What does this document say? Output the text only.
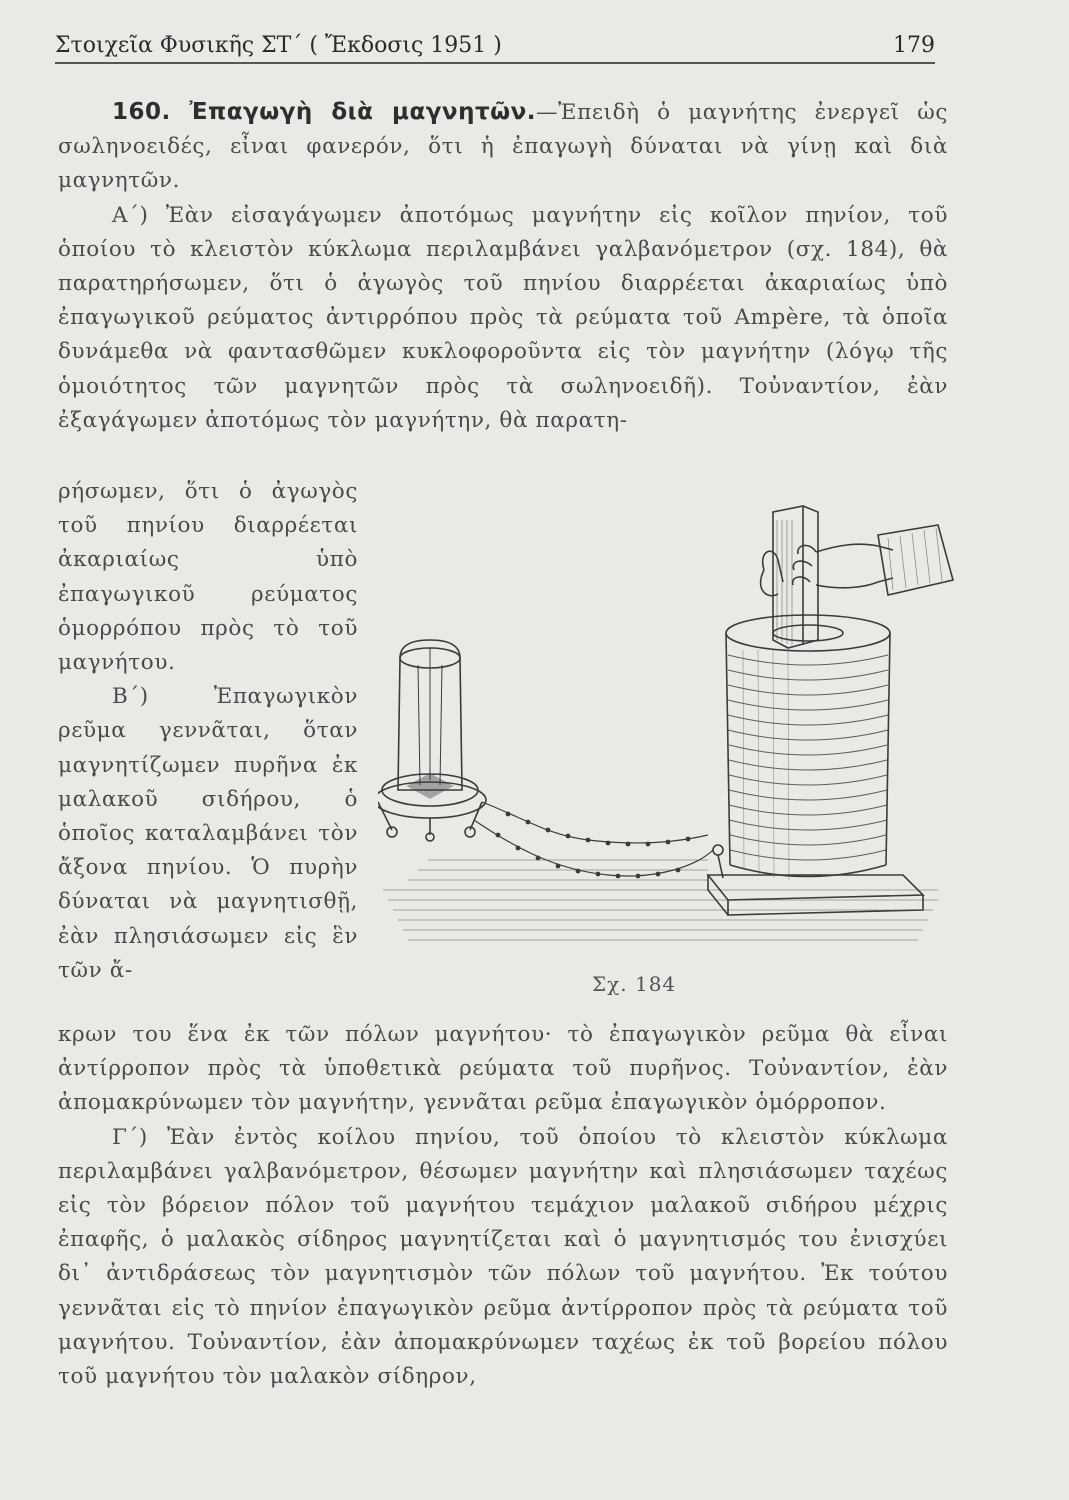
Στοιχεῖα Φυσικῆς ΣΤ΄ ( Ἔκδοσις 1951 )	179

160. Ἐπαγωγὴ διὰ μαγνητῶν.—Ἐπειδὴ ὁ μαγνήτης ἐνεργεῖ ὡς σωληνοειδές, εἶναι φανερόν, ὅτι ἡ ἐπαγωγὴ δύναται νὰ γίνῃ καὶ διὰ μαγνητῶν.

Α΄) Ἐὰν εἰσαγάγωμεν ἀποτόμως μαγνήτην εἰς κοῖλον πηνίον, τοῦ ὁποίου τὸ κλειστὸν κύκλωμα περιλαμβάνει γαλβανόμετρον (σχ. 184), θὰ παρατηρήσωμεν, ὅτι ὁ ἀγωγὸς τοῦ πηνίου διαρρέεται ἀκαριαίως ὑπὸ ἐπαγωγικοῦ ρεύματος ἀντιρρόπου πρὸς τὰ ρεύματα τοῦ Ampère, τὰ ὁποῖα δυνάμεθα νὰ φαντασθῶμεν κυκλοφοροῦντα εἰς τὸν μαγνήτην (λόγῳ τῆς ὁμοιότητος τῶν μαγνητῶν πρὸς τὰ σωληνοειδῆ). Τοὐναντίον, ἐὰν ἐξαγάγωμεν ἀποτόμως τὸν μαγνήτην, θὰ παρατη-

ρήσωμεν, ὅτι ὁ ἀγωγὸς τοῦ πηνίου διαρρέεται ἀκαριαίως ὑπὸ ἐπαγωγικοῦ ρεύματος ὁμορρόπου πρὸς τὸ τοῦ μαγνήτου.

Β΄) Ἐπαγωγικὸν ρεῦμα γεννᾶται, ὅταν μαγνητίζωμεν πυρῆνα ἐκ μαλακοῦ σιδήρου, ὁ ὁποῖος καταλαμβάνει τὸν ἄξονα πηνίου. Ὁ πυρὴν δύναται νὰ μαγνητισθῇ, ἐὰν πλησιάσωμεν εἰς ἓν τῶν ἄ-

κρων του ἕνα ἐκ τῶν πόλων μαγνήτου· τὸ ἐπαγωγικὸν ρεῦμα θὰ εἶναι ἀντίρροπον πρὸς τὰ ὑποθετικὰ ρεύματα τοῦ πυρῆνος. Τοὐναντίον, ἐὰν ἀπομακρύνωμεν τὸν μαγνήτην, γεννᾶται ρεῦμα ἐπαγωγικὸν ὁμόρροπον.

Γ΄) Ἐὰν ἐντὸς κοίλου πηνίου, τοῦ ὁποίου τὸ κλειστὸν κύκλωμα περιλαμβάνει γαλβανόμετρον, θέσωμεν μαγνήτην καὶ πλησιάσωμεν ταχέως εἰς τὸν βόρειον πόλον τοῦ μαγνήτου τεμάχιον μαλακοῦ σιδήρου μέχρις ἐπαφῆς, ὁ μαλακὸς σίδηρος μαγνητίζεται καὶ ὁ μαγνητισμός του ἐνισχύει δι᾽ ἀντιδράσεως τὸν μαγνητισμὸν τῶν πόλων τοῦ μαγνήτου. Ἐκ τούτου γεννᾶται εἰς τὸ πηνίον ἐπαγωγικὸν ρεῦμα ἀντίρροπον πρὸς τὰ ρεύματα τοῦ μαγνήτου. Τοὐναντίον, ἐὰν ἀπομακρύνωμεν ταχέως ἐκ τοῦ βορείου πόλου τοῦ μαγνήτου τὸν μαλακὸν σίδηρον,

Σχ. 184
